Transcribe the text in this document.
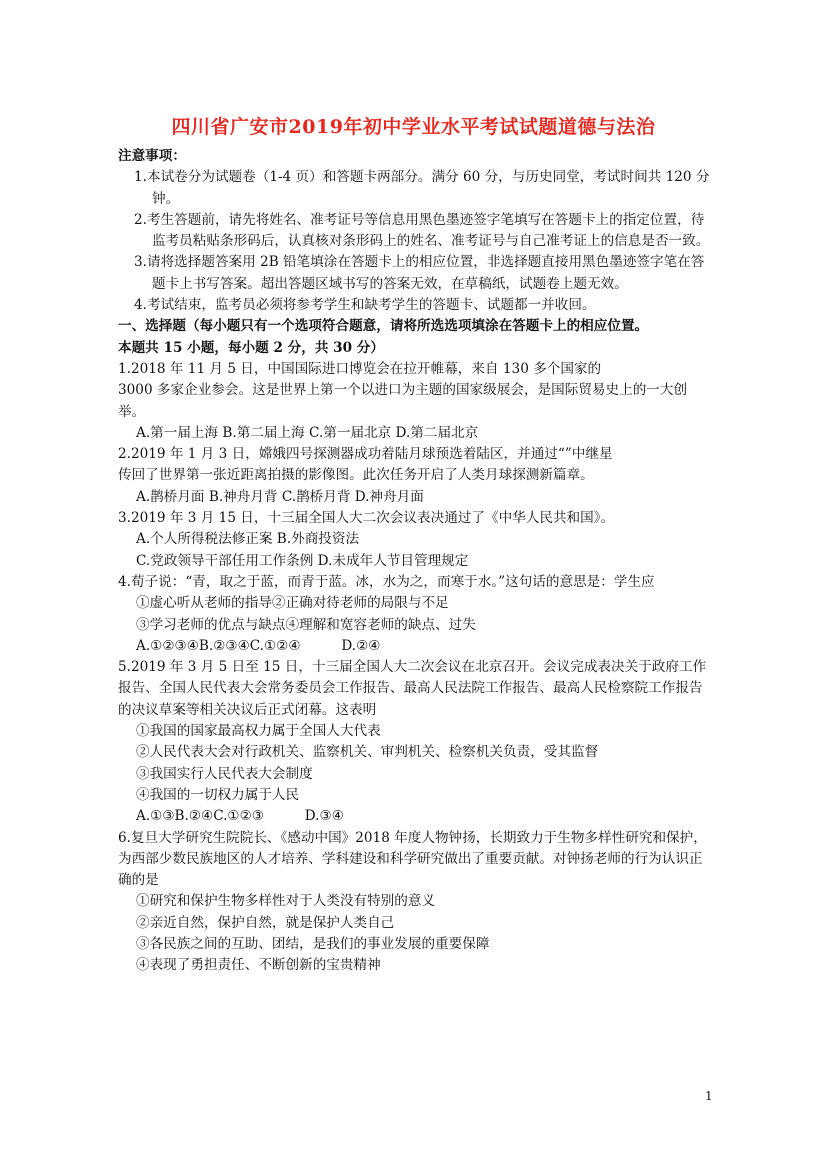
四川省广安市2019年初中学业水平考试试题道德与法治

注意事项：

1.本试卷分为试题卷（1-4 页）和答题卡两部分。满分 60 分，与历史同堂，考试时间共 120 分钟。

2.考生答题前，请先将姓名、准考证号等信息用黑色墨迹签字笔填写在答题卡上的指定位置，待监考员粘贴条形码后，认真核对条形码上的姓名、准考证号与自己准考证上的信息是否一致。

3.请将选择题答案用 2B 铅笔填涂在答题卡上的相应位置，非选择题直接用黑色墨迹签字笔在答题卡上书写答案。超出答题区域书写的答案无效，在草稿纸，试题卷上题无效。

4.考试结束，监考员必须将参考学生和缺考学生的答题卡、试题都一并收回。

一、选择题（每小题只有一个选项符合题意，请将所选选项填涂在答题卡上的相应位置。

本题共 15 小题，每小题 2 分，共 30 分）

1.2018 年 11 月 5 日，中国国际进口博览会在拉开帷幕，来自 130 多个国家的

3000 多家企业参会。这是世界上第一个以进口为主题的国家级展会，是国际贸易史上的一大创举。

A.第一届上海 B.第二届上海 C.第一届北京 D.第二届北京

2.2019 年 1 月 3 日，嫦娥四号探测器成功着陆月球预选着陆区，并通过“”中继星

传回了世界第一张近距离拍摄的影像图。此次任务开启了人类月球探测新篇章。

A.鹊桥月面 B.神舟月背 C.鹊桥月背 D.神舟月面

3.2019 年 3 月 15 日，十三届全国人大二次会议表决通过了《中华人民共和国》。

A.个人所得税法修正案 B.外商投资法

C.党政领导干部任用工作条例 D.未成年人节目管理规定

4.荀子说：“青，取之于蓝，而青于蓝。冰，水为之，而寒于水。”这句话的意思是：学生应

①虚心听从老师的指导②正确对待老师的局限与不足

③学习老师的优点与缺点④理解和宽容老师的缺点、过失

A.①②③④B.②③④C.①②④　　　D.②④

5.2019 年 3 月 5 日至 15 日，十三届全国人大二次会议在北京召开。会议完成表决关于政府工作报告、全国人民代表大会常务委员会工作报告、最高人民法院工作报告、最高人民检察院工作报告的决议草案等相关决议后正式闭幕。这表明

①我国的国家最高权力属于全国人大代表

②人民代表大会对行政机关、监察机关、审判机关、检察机关负责，受其监督

③我国实行人民代表大会制度

④我国的一切权力属于人民

A.①③B.②④C.①②③　　　D.③④

6.复旦大学研究生院院长、《感动中国》2018 年度人物钟扬，长期致力于生物多样性研究和保护，为西部少数民族地区的人才培养、学科建设和科学研究做出了重要贡献。对钟扬老师的行为认识正确的是

①研究和保护生物多样性对于人类没有特别的意义

②亲近自然，保护自然，就是保护人类自己

③各民族之间的互助、团结，是我们的事业发展的重要保障

④表现了勇担责任、不断创新的宝贵精神

1
